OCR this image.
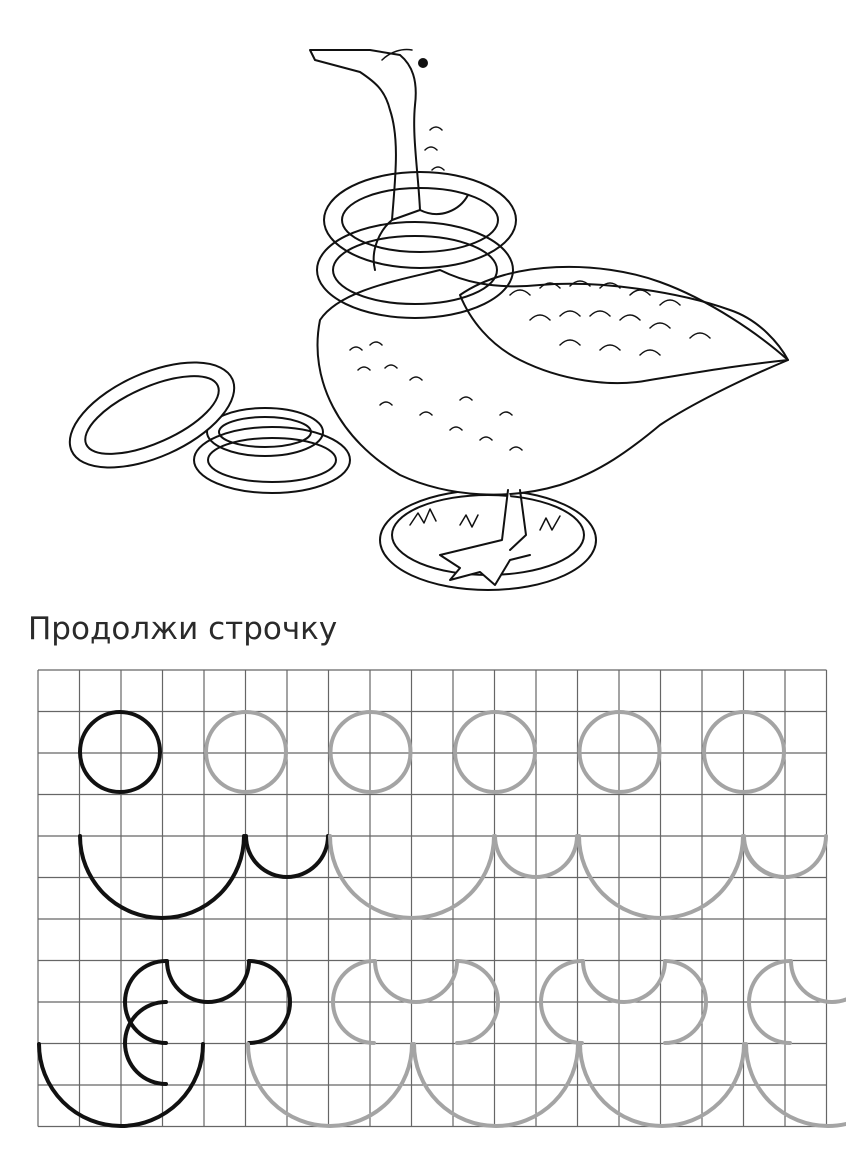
Продолжи строчку
